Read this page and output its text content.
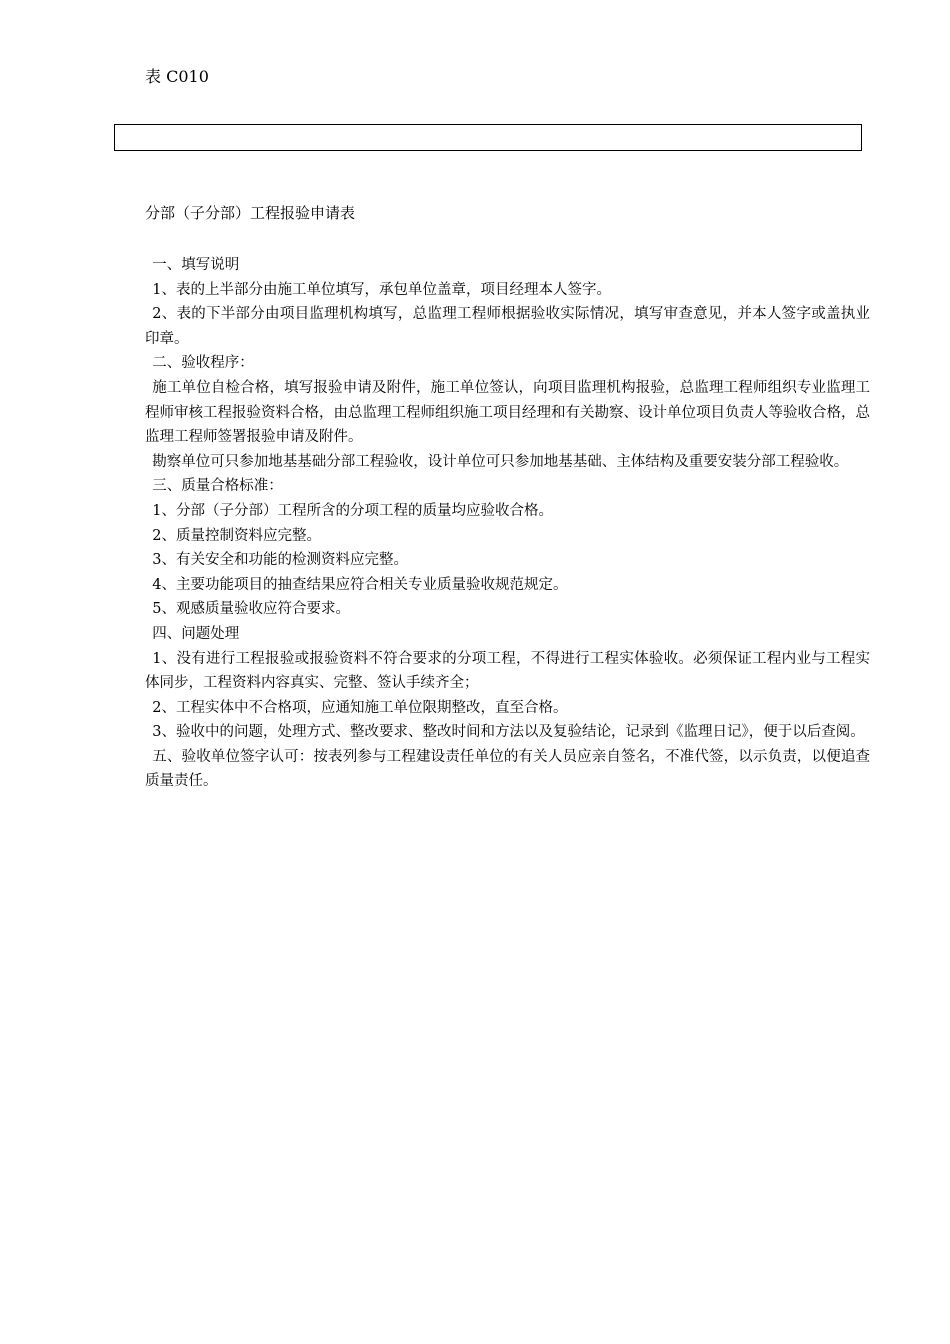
表 C010
分部（子分部）工程报验申请表

一、填写说明

1、表的上半部分由施工单位填写，承包单位盖章，项目经理本人签字。

2、表的下半部分由项目监理机构填写，总监理工程师根据验收实际情况，填写审查意见，并本人签字或盖执业印章。

二、验收程序：

施工单位自检合格，填写报验申请及附件，施工单位签认，向项目监理机构报验，总监理工程师组织专业监理工程师审核工程报验资料合格，由总监理工程师组织施工项目经理和有关勘察、设计单位项目负责人等验收合格，总监理工程师签署报验申请及附件。

勘察单位可只参加地基基础分部工程验收，设计单位可只参加地基基础、主体结构及重要安装分部工程验收。

三、质量合格标准：

1、分部（子分部）工程所含的分项工程的质量均应验收合格。

2、质量控制资料应完整。

3、有关安全和功能的检测资料应完整。

4、主要功能项目的抽查结果应符合相关专业质量验收规范规定。

5、观感质量验收应符合要求。

四、问题处理

1、没有进行工程报验或报验资料不符合要求的分项工程，不得进行工程实体验收。必须保证工程内业与工程实体同步，工程资料内容真实、完整、签认手续齐全；

2、工程实体中不合格项，应通知施工单位限期整改，直至合格。

3、验收中的问题，处理方式、整改要求、整改时间和方法以及复验结论，记录到《监理日记》，便于以后查阅。

五、验收单位签字认可：按表列参与工程建设责任单位的有关人员应亲自签名，不准代签，以示负责，以便追查质量责任。
